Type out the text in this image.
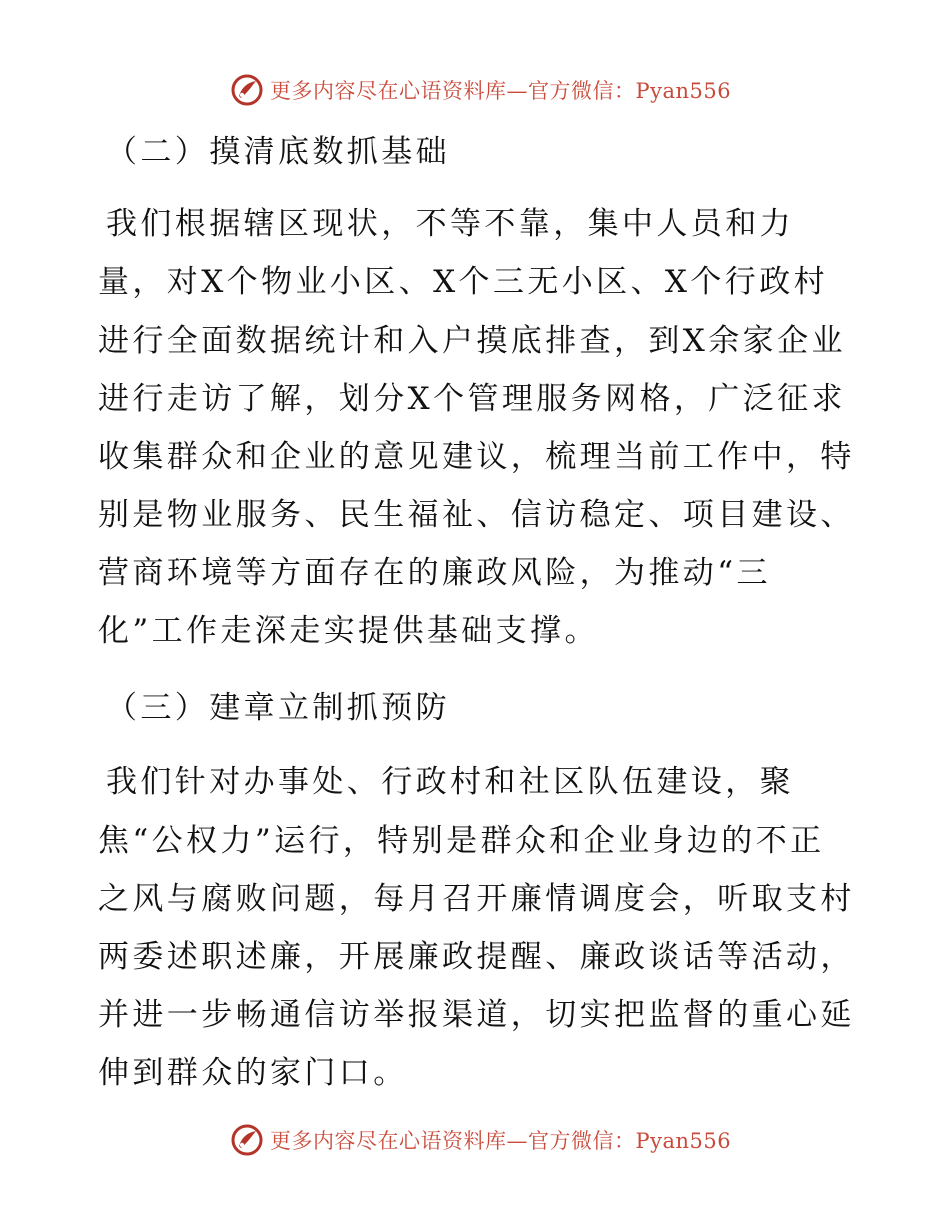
更多内容尽在心语资料库—官方微信：Pyan556
（二）摸清底数抓基础
我们根据辖区现状，不等不靠，集中人员和力
量，对X个物业小区、X个三无小区、X个行政村
进行全面数据统计和入户摸底排查，到X余家企业
进行走访了解，划分X个管理服务网格，广泛征求
收集群众和企业的意见建议，梳理当前工作中，特
别是物业服务、民生福祉、信访稳定、项目建设、
营商环境等方面存在的廉政风险，为推动“三
化”工作走深走实提供基础支撑。
（三）建章立制抓预防
我们针对办事处、行政村和社区队伍建设，聚
焦“公权力”运行，特别是群众和企业身边的不正
之风与腐败问题，每月召开廉情调度会，听取支村
两委述职述廉，开展廉政提醒、廉政谈话等活动，
并进一步畅通信访举报渠道，切实把监督的重心延
伸到群众的家门口。
更多内容尽在心语资料库—官方微信：Pyan556
